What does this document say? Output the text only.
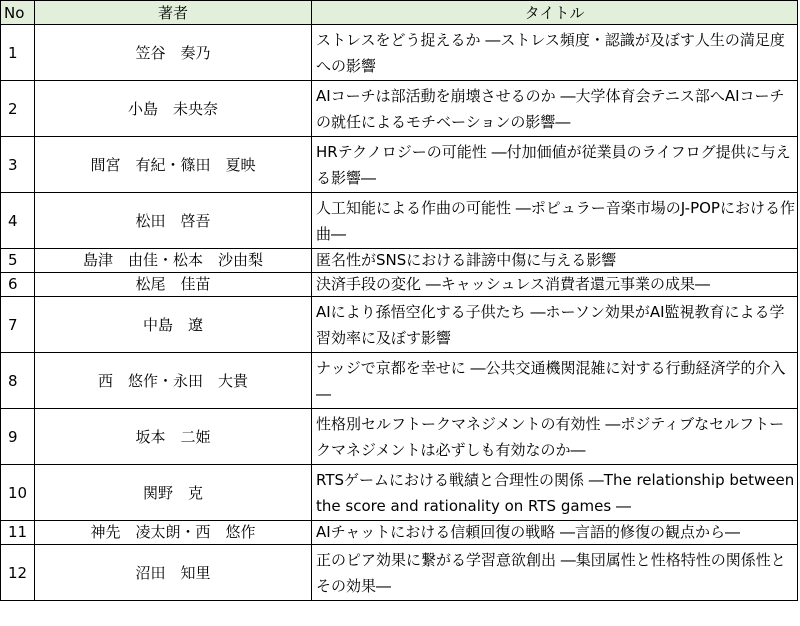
No	著者	タイトル
1	笠谷　奏乃	ストレスをどう捉えるか ―ストレス頻度・認識が及ぼす人生の満足度への影響
2	小島　未央奈	AIコーチは部活動を崩壊させるのか ―大学体育会テニス部へAIコーチの就任によるモチベーションの影響―
3	間宮　有紀・篠田　夏映	HRテクノロジーの可能性 ―付加価値が従業員のライフログ提供に与える影響―
4	松田　啓吾	人工知能による作曲の可能性 ―ポピュラー音楽市場のJ-POPにおける作曲―
5	島津　由佳・松本　沙由梨	匿名性がSNSにおける誹謗中傷に与える影響
6	松尾　佳苗	決済手段の変化 ―キャッシュレス消費者還元事業の成果―
7	中島　遼	AIにより孫悟空化する子供たち ―ホーソン効果がAI監視教育による学習効率に及ぼす影響
8	西　悠作・永田　大貴	ナッジで京都を幸せに ―公共交通機関混雑に対する行動経済学的介入―
9	坂本　二姫	性格別セルフトークマネジメントの有効性 ―ポジティブなセルフトークマネジメントは必ずしも有効なのか―
10	関野　克	RTSゲームにおける戦績と合理性の関係 ―The relationship between the score and rationality on RTS games ―
11	神先　凌太朗・西　悠作	AIチャットにおける信頼回復の戦略 ―言語的修復の観点から―
12	沼田　知里	正のピア効果に繋がる学習意欲創出 ―集団属性と性格特性の関係性とその効果―
